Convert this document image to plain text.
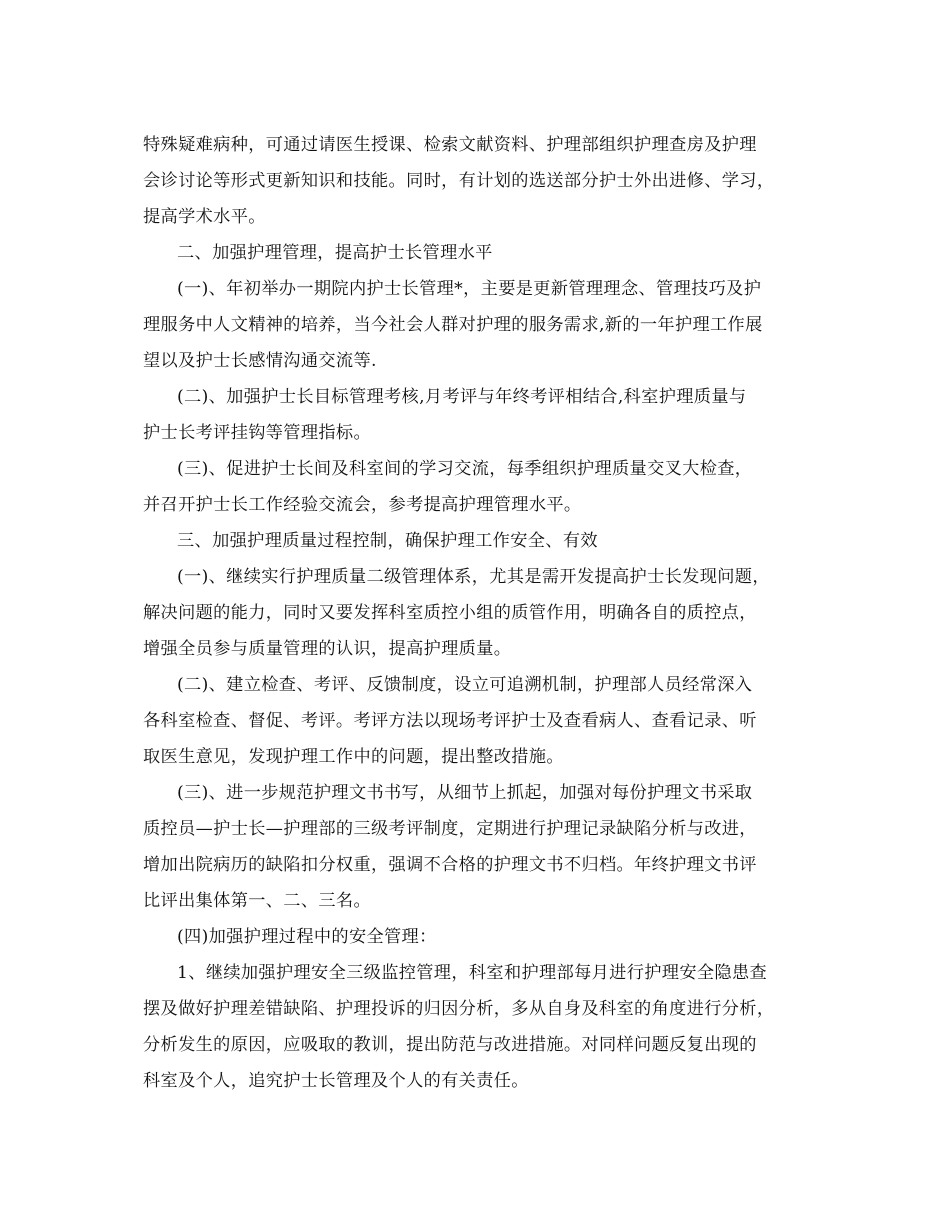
特殊疑难病种，可通过请医生授课、检索文献资料、护理部组织护理查房及护理
会诊讨论等形式更新知识和技能。同时，有计划的选送部分护士外出进修、学习，
提高学术水平。
二、加强护理管理，提高护士长管理水平
(一)、年初举办一期院内护士长管理*，主要是更新管理理念、管理技巧及护
理服务中人文精神的培养，当今社会人群对护理的服务需求,新的一年护理工作展
望以及护士长感情沟通交流等.
(二)、加强护士长目标管理考核,月考评与年终考评相结合,科室护理质量与
护士长考评挂钩等管理指标。
(三)、促进护士长间及科室间的学习交流，每季组织护理质量交叉大检查，
并召开护士长工作经验交流会，参考提高护理管理水平。
三、加强护理质量过程控制，确保护理工作安全、有效
(一)、继续实行护理质量二级管理体系，尤其是需开发提高护士长发现问题，
解决问题的能力，同时又要发挥科室质控小组的质管作用，明确各自的质控点，
增强全员参与质量管理的认识，提高护理质量。
(二)、建立检查、考评、反馈制度，设立可追溯机制，护理部人员经常深入
各科室检查、督促、考评。考评方法以现场考评护士及查看病人、查看记录、听
取医生意见，发现护理工作中的问题，提出整改措施。
(三)、进一步规范护理文书书写，从细节上抓起，加强对每份护理文书采取
质控员—护士长—护理部的三级考评制度，定期进行护理记录缺陷分析与改进，
增加出院病历的缺陷扣分权重，强调不合格的护理文书不归档。年终护理文书评
比评出集体第一、二、三名。
(四)加强护理过程中的安全管理：
1、继续加强护理安全三级监控管理，科室和护理部每月进行护理安全隐患查
摆及做好护理差错缺陷、护理投诉的归因分析，多从自身及科室的角度进行分析，
分析发生的原因，应吸取的教训，提出防范与改进措施。对同样问题反复出现的
科室及个人，追究护士长管理及个人的有关责任。
